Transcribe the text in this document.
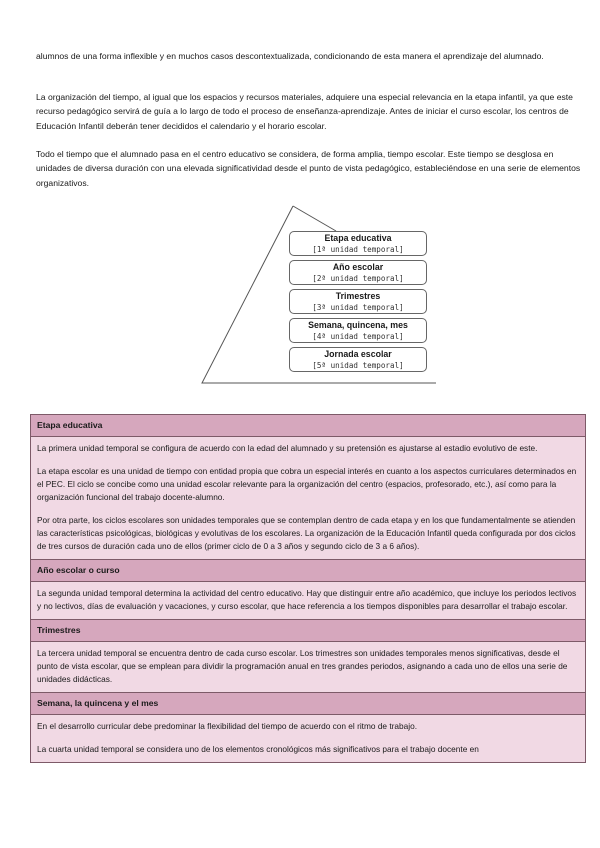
alumnos de una forma inflexible y en muchos casos descontextualizada, condicionando de esta manera el aprendizaje del alumnado.

La organización del tiempo, al igual que los espacios y recursos materiales, adquiere una especial relevancia en la etapa infantil, ya que este recurso pedagógico servirá de guía a lo largo de todo el proceso de enseñanza-aprendizaje. Antes de iniciar el curso escolar, los centros de Educación Infantil deberán tener decididos el calendario y el horario escolar.

Todo el tiempo que el alumnado pasa en el centro educativo se considera, de forma amplia, tiempo escolar. Este tiempo se desglosa en unidades de diversa duración con una elevada significatividad desde el punto de vista pedagógico, estableciéndose en una serie de elementos organizativos.

Etapa educativa
[1ª unidad temporal]
Año escolar
[2ª unidad temporal]
Trimestres
[3ª unidad temporal]
Semana, quincena, mes
[4ª unidad temporal]
Jornada escolar
[5ª unidad temporal]
Etapa educativa

La primera unidad temporal se configura de acuerdo con la edad del alumnado y su pretensión es ajustarse al estadio evolutivo de este.

La etapa escolar es una unidad de tiempo con entidad propia que cobra un especial interés en cuanto a los aspectos curriculares determinados en el PEC. El ciclo se concibe como una unidad escolar relevante para la organización del centro (espacios, profesorado, etc.), así como para la organización funcional del trabajo docente-alumno.

Por otra parte, los ciclos escolares son unidades temporales que se contemplan dentro de cada etapa y en los que fundamentalmente se atienden las características psicológicas, biológicas y evolutivas de los escolares. La organización de la Educación Infantil queda configurada por dos ciclos de tres cursos de duración cada uno de ellos (primer ciclo de 0 a 3 años y segundo ciclo de 3 a 6 años).

Año escolar o curso

La segunda unidad temporal determina la actividad del centro educativo. Hay que distinguir entre año académico, que incluye los periodos lectivos y no lectivos, días de evaluación y vacaciones, y curso escolar, que hace referencia a los tiempos disponibles para desarrollar el trabajo escolar.

Trimestres

La tercera unidad temporal se encuentra dentro de cada curso escolar. Los trimestres son unidades temporales menos significativas, desde el punto de vista escolar, que se emplean para dividir la programación anual en tres grandes periodos, asignando a cada uno de ellos una serie de unidades didácticas.

Semana, la quincena y el mes

En el desarrollo curricular debe predominar la flexibilidad del tiempo de acuerdo con el ritmo de trabajo.

La cuarta unidad temporal se considera uno de los elementos cronológicos más significativos para el trabajo docente en
